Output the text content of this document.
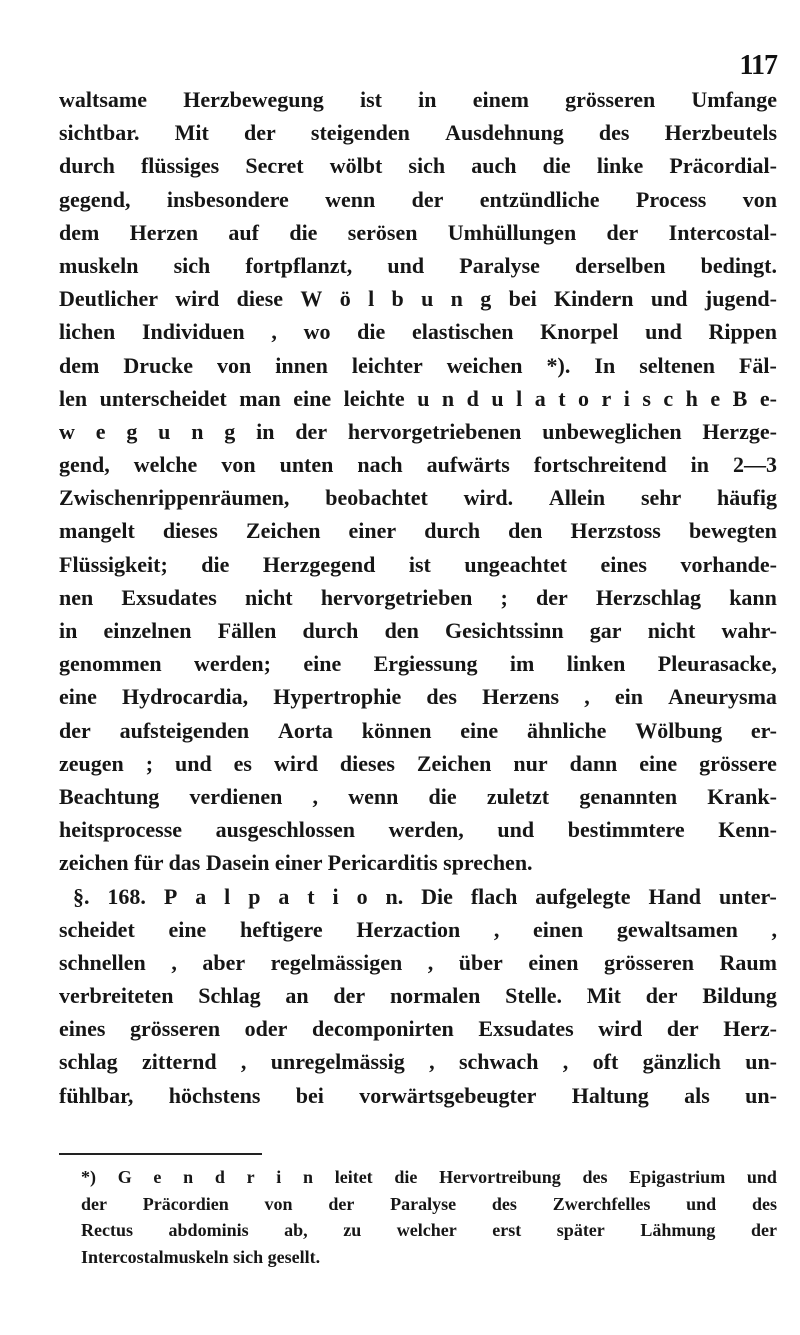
117
waltsame Herzbewegung ist in einem grösseren Umfange
sichtbar. Mit der steigenden Ausdehnung des Herzbeutels
durch flüssiges Secret wölbt sich auch die linke Präcordial-
gegend, insbesondere wenn der entzündliche Process von
dem Herzen auf die serösen Umhüllungen der Intercostal-
muskeln sich fortpflanzt, und Paralyse derselben bedingt.
Deutlicher wird diese W ö l b u n g bei Kindern und jugend-
lichen Individuen , wo die elastischen Knorpel und Rippen
dem Drucke von innen leichter weichen *). In seltenen Fäl-
len unterscheidet man eine leichte u n d u l a t o r i s c h e B e-
w e g u n g in der hervorgetriebenen unbeweglichen Herzge-
gend, welche von unten nach aufwärts fortschreitend in 2—3
Zwischenrippenräumen, beobachtet wird. Allein sehr häufig
mangelt dieses Zeichen einer durch den Herzstoss bewegten
Flüssigkeit; die Herzgegend ist ungeachtet eines vorhande-
nen Exsudates nicht hervorgetrieben ; der Herzschlag kann
in einzelnen Fällen durch den Gesichtssinn gar nicht wahr-
genommen werden; eine Ergiessung im linken Pleurasacke,
eine Hydrocardia, Hypertrophie des Herzens , ein Aneurysma
der aufsteigenden Aorta können eine ähnliche Wölbung er-
zeugen ; und es wird dieses Zeichen nur dann eine grössere
Beachtung verdienen , wenn die zuletzt genannten Krank-
heitsprocesse ausgeschlossen werden, und bestimmtere Kenn-
zeichen für das Dasein einer Pericarditis sprechen.
§. 168. P a l p a t i o n. Die flach aufgelegte Hand unter-
scheidet eine heftigere Herzaction , einen gewaltsamen ,
schnellen , aber regelmässigen , über einen grösseren Raum
verbreiteten Schlag an der normalen Stelle. Mit der Bildung
eines grösseren oder decomponirten Exsudates wird der Herz-
schlag zitternd , unregelmässig , schwach , oft gänzlich un-
fühlbar, höchstens bei vorwärtsgebeugter Haltung als un-
*) G e n d r i n leitet die Hervortreibung des Epigastrium und
der Präcordien von der Paralyse des Zwerchfelles und des
Rectus abdominis ab, zu welcher erst später Lähmung der
Intercostalmuskeln sich gesellt.
